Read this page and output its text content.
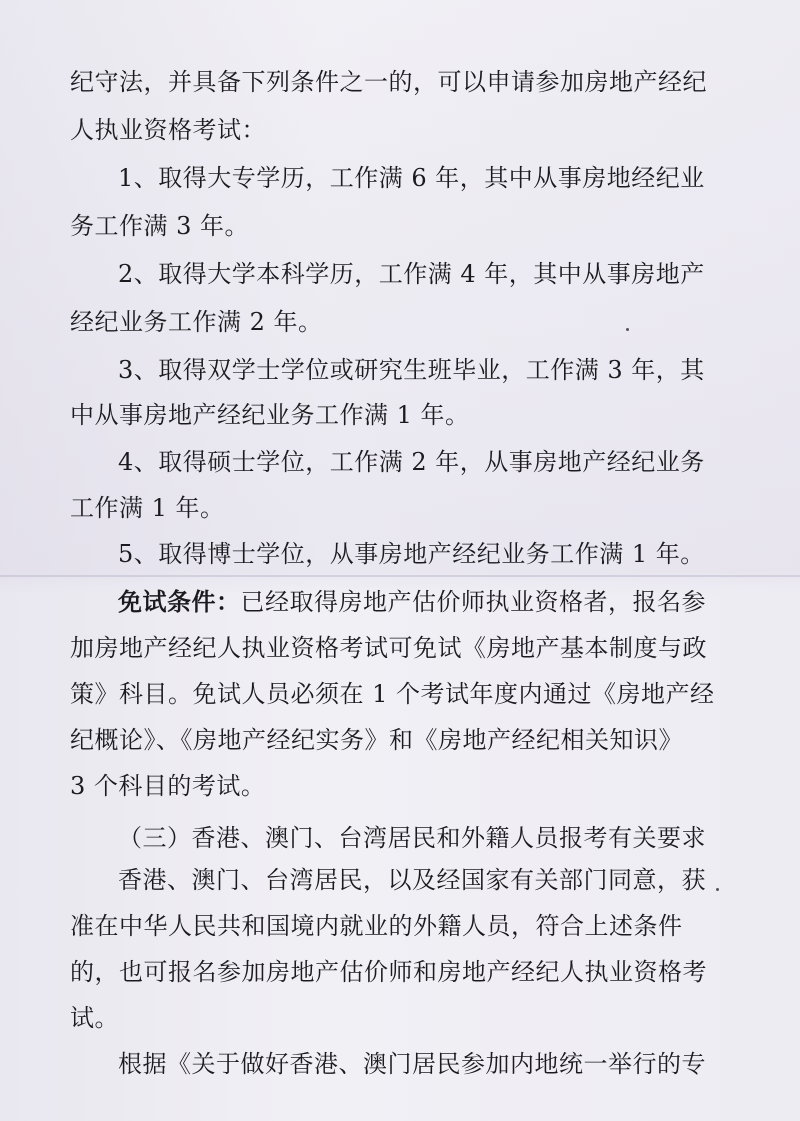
纪守法，并具备下列条件之一的，可以申请参加房地产经纪
人执业资格考试：
1、取得大专学历，工作满 6 年，其中从事房地经纪业
务工作满 3 年。
2、取得大学本科学历，工作满 4 年，其中从事房地产
经纪业务工作满 2 年。
3、取得双学士学位或研究生班毕业，工作满 3 年，其
中从事房地产经纪业务工作满 1 年。
4、取得硕士学位，工作满 2 年，从事房地产经纪业务
工作满 1 年。
5、取得博士学位，从事房地产经纪业务工作满 1 年。
免试条件：已经取得房地产估价师执业资格者，报名参
加房地产经纪人执业资格考试可免试《房地产基本制度与政
策》科目。免试人员必须在 1 个考试年度内通过《房地产经
纪概论》、《房地产经纪实务》和《房地产经纪相关知识》
3 个科目的考试。
（三）香港、澳门、台湾居民和外籍人员报考有关要求
香港、澳门、台湾居民，以及经国家有关部门同意，获
准在中华人民共和国境内就业的外籍人员，符合上述条件
的，也可报名参加房地产估价师和房地产经纪人执业资格考
试。
根据《关于做好香港、澳门居民参加内地统一举行的专
